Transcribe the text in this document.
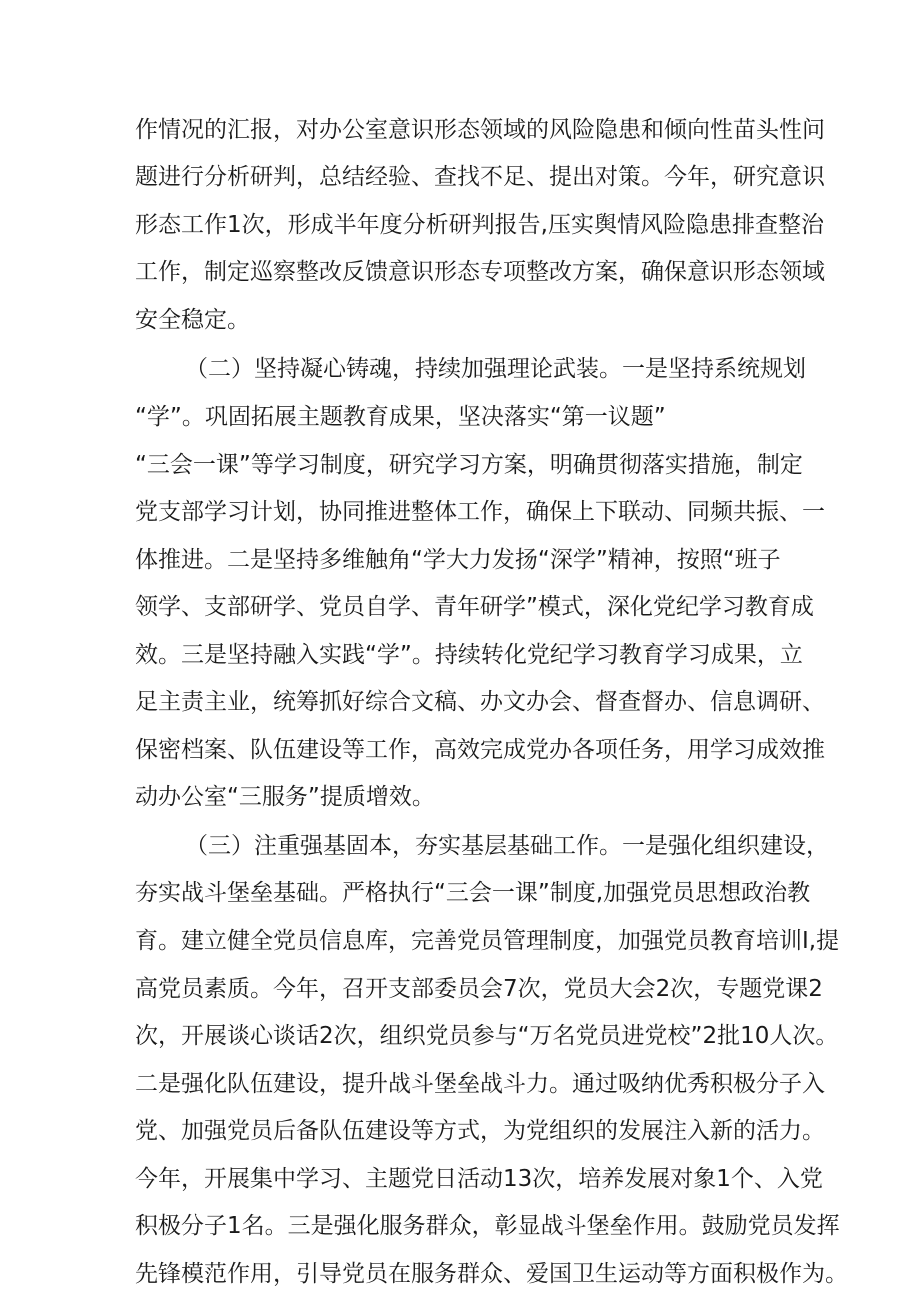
作情况的汇报，对办公室意识形态领域的风险隐患和倾向性苗头性问
题进行分析研判，总结经验、查找不足、提出对策。今年，研究意识
形态工作1次，形成半年度分析研判报告,压实舆情风险隐患排查整治
工作，制定巡察整改反馈意识形态专项整改方案，确保意识形态领域
安全稳定。
（二）坚持凝心铸魂，持续加强理论武装。一是坚持系统规划
“学”。巩固拓展主题教育成果，坚决落实“第一议题”
“三会一课”等学习制度，研究学习方案，明确贯彻落实措施，制定
党支部学习计划，协同推进整体工作，确保上下联动、同频共振、一
体推进。二是坚持多维触角“学大力发扬“深学”精神，按照“班子
领学、支部研学、党员自学、青年研学”模式，深化党纪学习教育成
效。三是坚持融入实践“学”。持续转化党纪学习教育学习成果，立
足主责主业，统筹抓好综合文稿、办文办会、督查督办、信息调研、
保密档案、队伍建设等工作，高效完成党办各项任务，用学习成效推
动办公室“三服务”提质增效。
（三）注重强基固本，夯实基层基础工作。一是强化组织建设，
夯实战斗堡垒基础。严格执行“三会一课”制度,加强党员思想政治教
育。建立健全党员信息库，完善党员管理制度，加强党员教育培训I,提
高党员素质。今年，召开支部委员会7次，党员大会2次，专题党课2
次，开展谈心谈话2次，组织党员参与“万名党员进党校”2批10人次。
二是强化队伍建设，提升战斗堡垒战斗力。通过吸纳优秀积极分子入
党、加强党员后备队伍建设等方式，为党组织的发展注入新的活力。
今年，开展集中学习、主题党日活动13次，培养发展对象1个、入党
积极分子1名。三是强化服务群众，彰显战斗堡垒作用。鼓励党员发挥
先锋模范作用，引导党员在服务群众、爱国卫生运动等方面积极作为。
